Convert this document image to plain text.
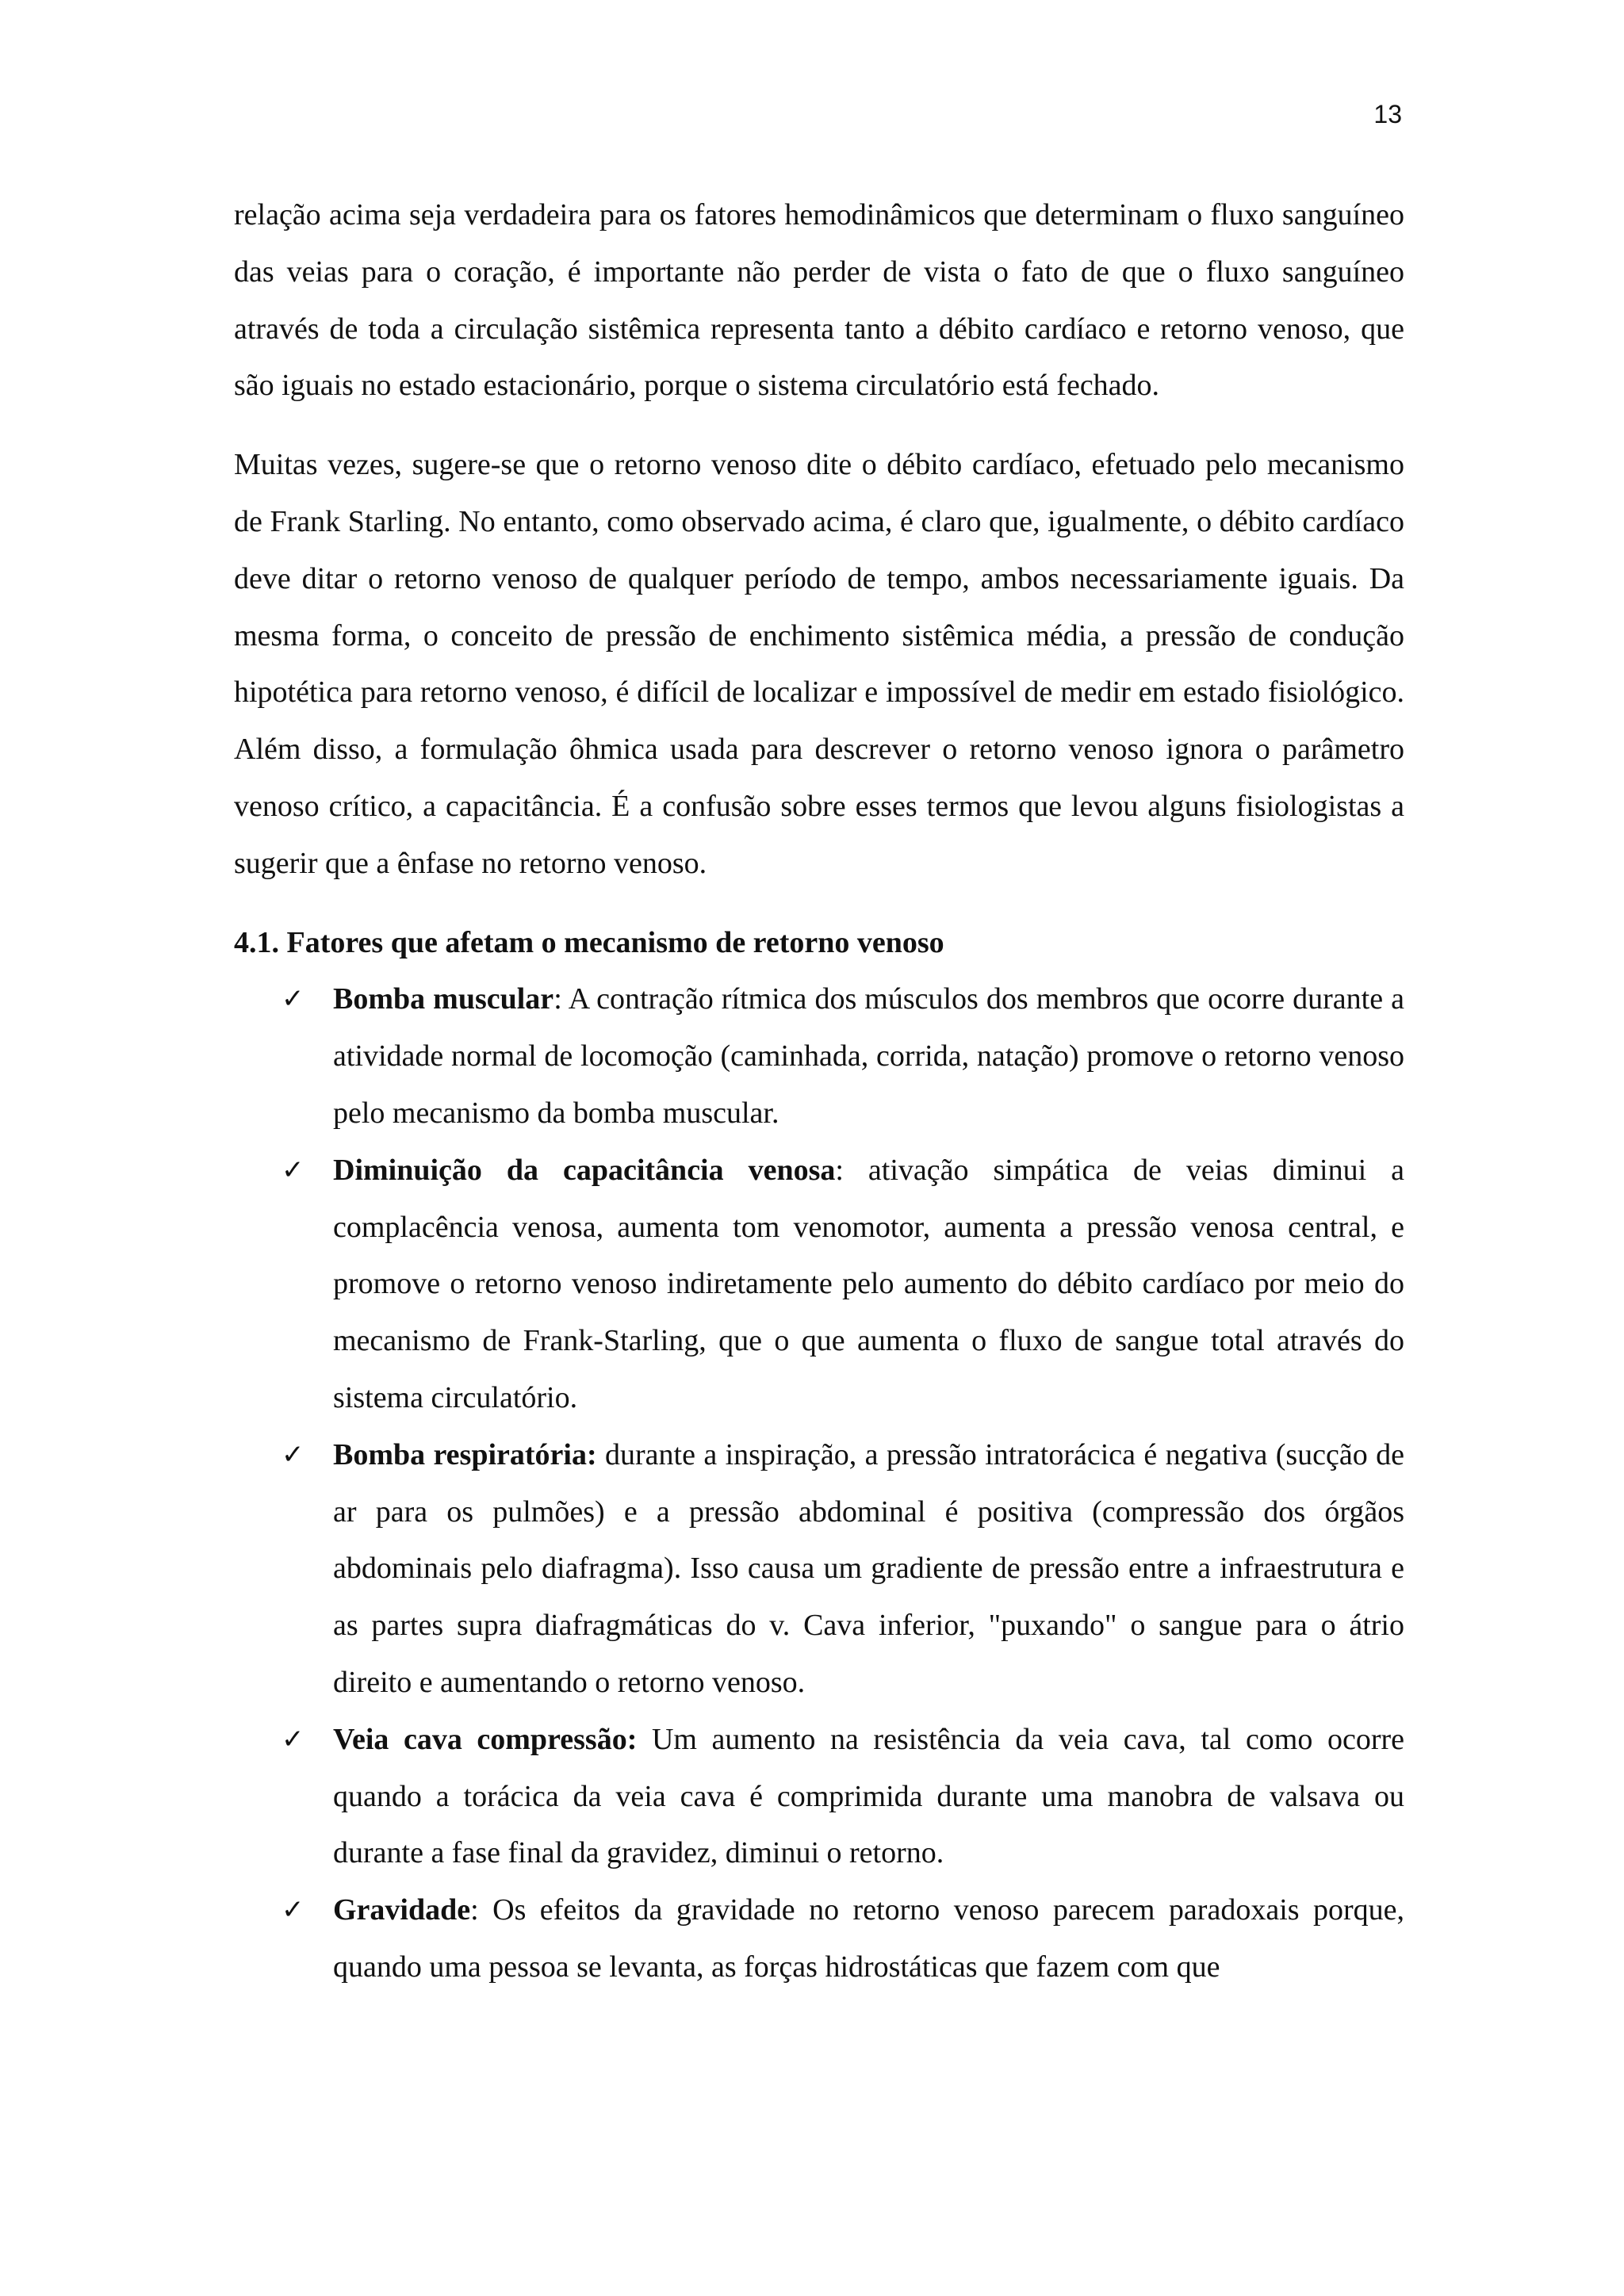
13

relação acima seja verdadeira para os fatores hemodinâmicos que determinam o fluxo sanguíneo das veias para o coração, é importante não perder de vista o fato de que o fluxo sanguíneo através de toda a circulação sistêmica representa tanto a débito cardíaco e retorno venoso, que são iguais no estado estacionário, porque o sistema circulatório está fechado.

Muitas vezes, sugere-se que o retorno venoso dite o débito cardíaco, efetuado pelo mecanismo de Frank Starling. No entanto, como observado acima, é claro que, igualmente, o débito cardíaco deve ditar o retorno venoso de qualquer período de tempo, ambos necessariamente iguais. Da mesma forma, o conceito de pressão de enchimento sistêmica média, a pressão de condução hipotética para retorno venoso, é difícil de localizar e impossível de medir em estado fisiológico. Além disso, a formulação ôhmica usada para descrever o retorno venoso ignora o parâmetro venoso crítico, a capacitância. É a confusão sobre esses termos que levou alguns fisiologistas a sugerir que a ênfase no retorno venoso.

4.1. Fatores que afetam o mecanismo de retorno venoso
✓ Bomba muscular: A contração rítmica dos músculos dos membros que ocorre durante a atividade normal de locomoção (caminhada, corrida, natação) promove o retorno venoso pelo mecanismo da bomba muscular.
✓ Diminuição da capacitância venosa: ativação simpática de veias diminui a complacência venosa, aumenta tom venomotor, aumenta a pressão venosa central, e promove o retorno venoso indiretamente pelo aumento do débito cardíaco por meio do mecanismo de Frank-Starling, que o que aumenta o fluxo de sangue total através do sistema circulatório.
✓ Bomba respiratória: durante a inspiração, a pressão intratorácica é negativa (sucção de ar para os pulmões) e a pressão abdominal é positiva (compressão dos órgãos abdominais pelo diafragma). Isso causa um gradiente de pressão entre a infraestrutura e as partes supra diafragmáticas do v. Cava inferior, "puxando" o sangue para o átrio direito e aumentando o retorno venoso.
✓ Veia cava compressão: Um aumento na resistência da veia cava, tal como ocorre quando a torácica da veia cava é comprimida durante uma manobra de valsava ou durante a fase final da gravidez, diminui o retorno.
✓ Gravidade: Os efeitos da gravidade no retorno venoso parecem paradoxais porque, quando uma pessoa se levanta, as forças hidrostáticas que fazem com que
